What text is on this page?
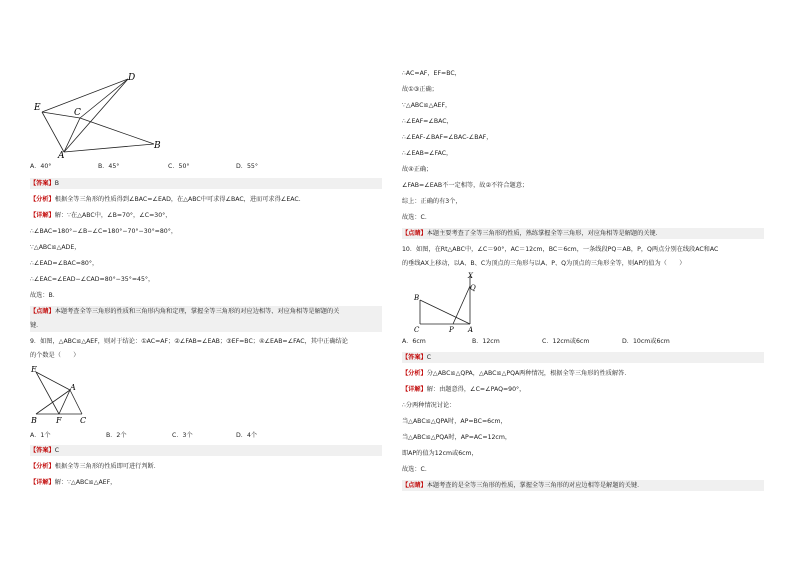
D
E	C
A
B
A．40°	B．45°	C．50°	D．55°
【答案】B
【分析】根据全等三角形的性质得到∠BAC=∠EAD，在△ABC中可求得∠BAC，进而可求得∠EAC.
【详解】解：∵在△ABC中，∠B=70°，∠C=30°，
∴∠BAC=180°−∠B−∠C=180°−70°−30°=80°，
∵△ABC≌△ADE，
∴∠EAD=∠BAC=80°，
∴∠EAC=∠EAD−∠CAD=80°−35°=45°，
故选：B．
【点睛】本题考查全等三角形的性质和三角形内角和定理，掌握全等三角形的对应边相等、对应角相等是解题的关
键．
9．如图，△ABC≌△AEF，则对于结论：①AC=AF；②∠FAB=∠EAB；③EF=BC；④∠EAB=∠FAC，其中正确结论
的个数是（　　）
E
A
B F C
A．1个	B．2个	C．3个	D．4个
【答案】C
【分析】根据全等三角形的性质即可进行判断．
【详解】解：∵△ABC≌△AEF，
∴AC=AF，EF=BC，
故①③正确；
∵△ABC≌△AEF，
∴∠EAF=∠BAC，
∴∠EAF-∠BAF=∠BAC-∠BAF，
∴∠EAB=∠FAC，
故④正确；
∠FAB=∠EAB不一定相等，故②不符合题意；
综上：正确的有3个，
故选：C．
【点睛】本题主要考查了全等三角形的性质，熟练掌握全等三角形，对应角相等是解题的关键．
10．如图，在Rt△ABC中，∠C＝90°，AC＝12cm，BC＝6cm，一条线段PQ＝AB，P，Q两点分别在线段AC和AC
的垂线AX上移动，以A、B、C为顶点的三角形与以A、P、Q为顶点的三角形全等，则AP的值为（　　）
X
Q
B
C	P A
A．6cm	B．12cm	C．12cm或6cm	D．10cm或6cm
【答案】C
【分析】分△ABC≌△QPA，△ABC≌△PQA两种情况，根据全等三角形的性质解答．
【详解】解：由题意得，∠C=∠PAQ=90°，
∴分两种情况讨论：
当△ABC≌△QPA时，AP=BC=6cm，
当△ABC≌△PQA时，AP=AC=12cm，
即AP的值为12cm或6cm，
故选：C．
【点睛】本题考查的是全等三角形的性质，掌握全等三角形的对应边相等是解题的关键．
